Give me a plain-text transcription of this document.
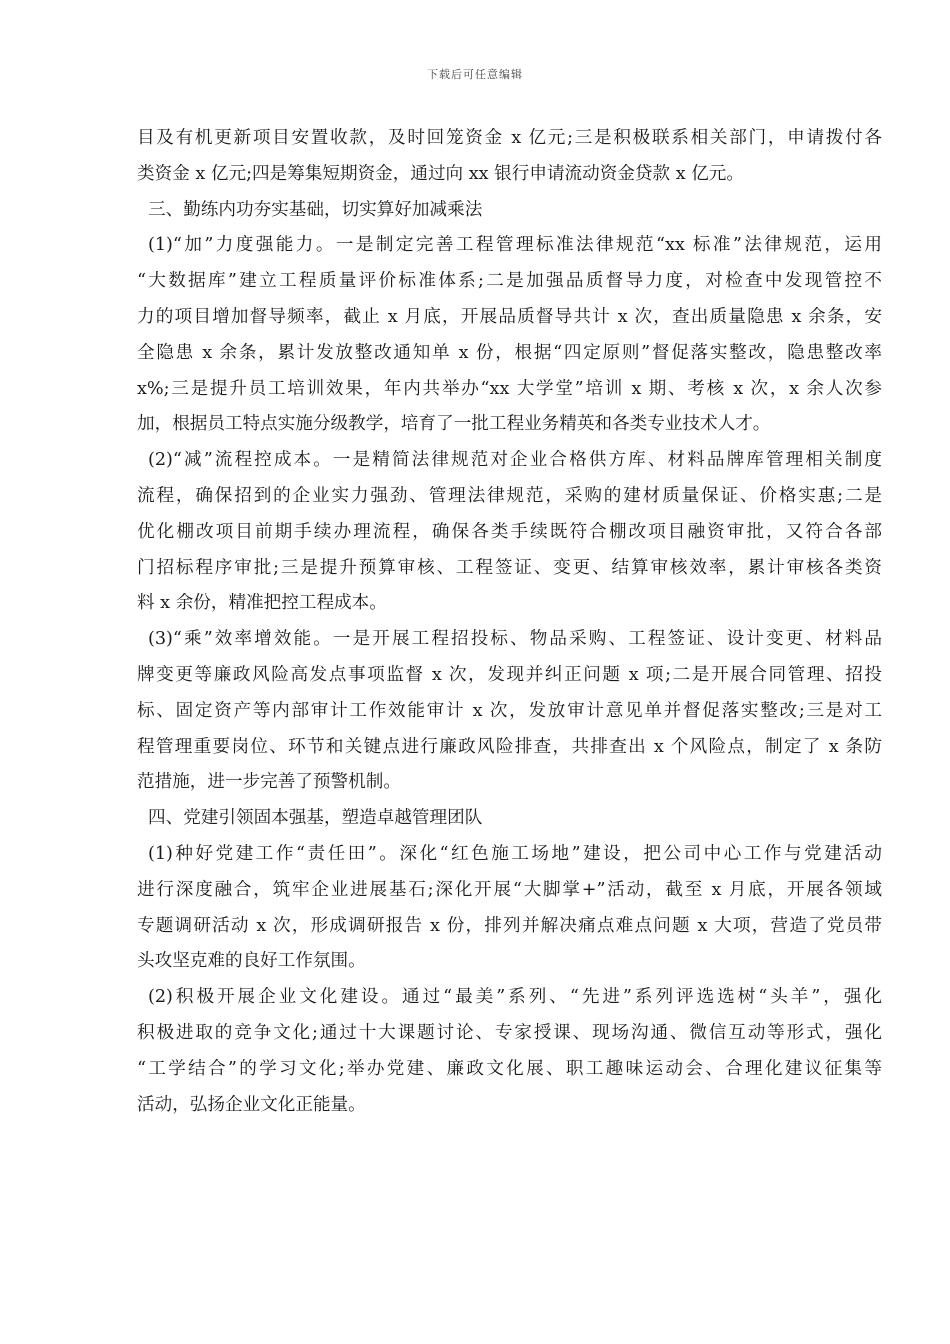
下载后可任意编辑
目及有机更新项目安置收款，及时回笼资金 x 亿元;三是积极联系相关部门，申请拨付各
类资金 x 亿元;四是筹集短期资金，通过向 xx 银行申请流动资金贷款 x 亿元。
三、勤练内功夯实基础，切实算好加减乘法
(1)“加”力度强能力。一是制定完善工程管理标准法律规范“xx 标准”法律规范，运用
“大数据库”建立工程质量评价标准体系;二是加强品质督导力度，对检查中发现管控不
力的项目增加督导频率，截止 x 月底，开展品质督导共计 x 次，查出质量隐患 x 余条，安
全隐患 x 余条，累计发放整改通知单 x 份，根据“四定原则”督促落实整改，隐患整改率
x%;三是提升员工培训效果，年内共举办“xx 大学堂”培训 x 期、考核 x 次，x 余人次参
加，根据员工特点实施分级教学，培育了一批工程业务精英和各类专业技术人才。
(2)“减”流程控成本。一是精简法律规范对企业合格供方库、材料品牌库管理相关制度
流程，确保招到的企业实力强劲、管理法律规范，采购的建材质量保证、价格实惠;二是
优化棚改项目前期手续办理流程，确保各类手续既符合棚改项目融资审批，又符合各部
门招标程序审批;三是提升预算审核、工程签证、变更、结算审核效率，累计审核各类资
料 x 余份，精准把控工程成本。
(3)“乘”效率增效能。一是开展工程招投标、物品采购、工程签证、设计变更、材料品
牌变更等廉政风险高发点事项监督 x 次，发现并纠正问题 x 项;二是开展合同管理、招投
标、固定资产等内部审计工作效能审计 x 次，发放审计意见单并督促落实整改;三是对工
程管理重要岗位、环节和关键点进行廉政风险排查，共排查出 x 个风险点，制定了 x 条防
范措施，进一步完善了预警机制。
四、党建引领固本强基，塑造卓越管理团队
(1)种好党建工作“责任田”。深化“红色施工场地”建设，把公司中心工作与党建活动
进行深度融合，筑牢企业进展基石;深化开展“大脚掌+”活动，截至 x 月底，开展各领域
专题调研活动 x 次，形成调研报告 x 份，排列并解决痛点难点问题 x 大项，营造了党员带
头攻坚克难的良好工作氛围。
(2)积极开展企业文化建设。通过“最美”系列、“先进”系列评选选树“头羊”，强化
积极进取的竞争文化;通过十大课题讨论、专家授课、现场沟通、微信互动等形式，强化
“工学结合”的学习文化;举办党建、廉政文化展、职工趣味运动会、合理化建议征集等
活动，弘扬企业文化正能量。
